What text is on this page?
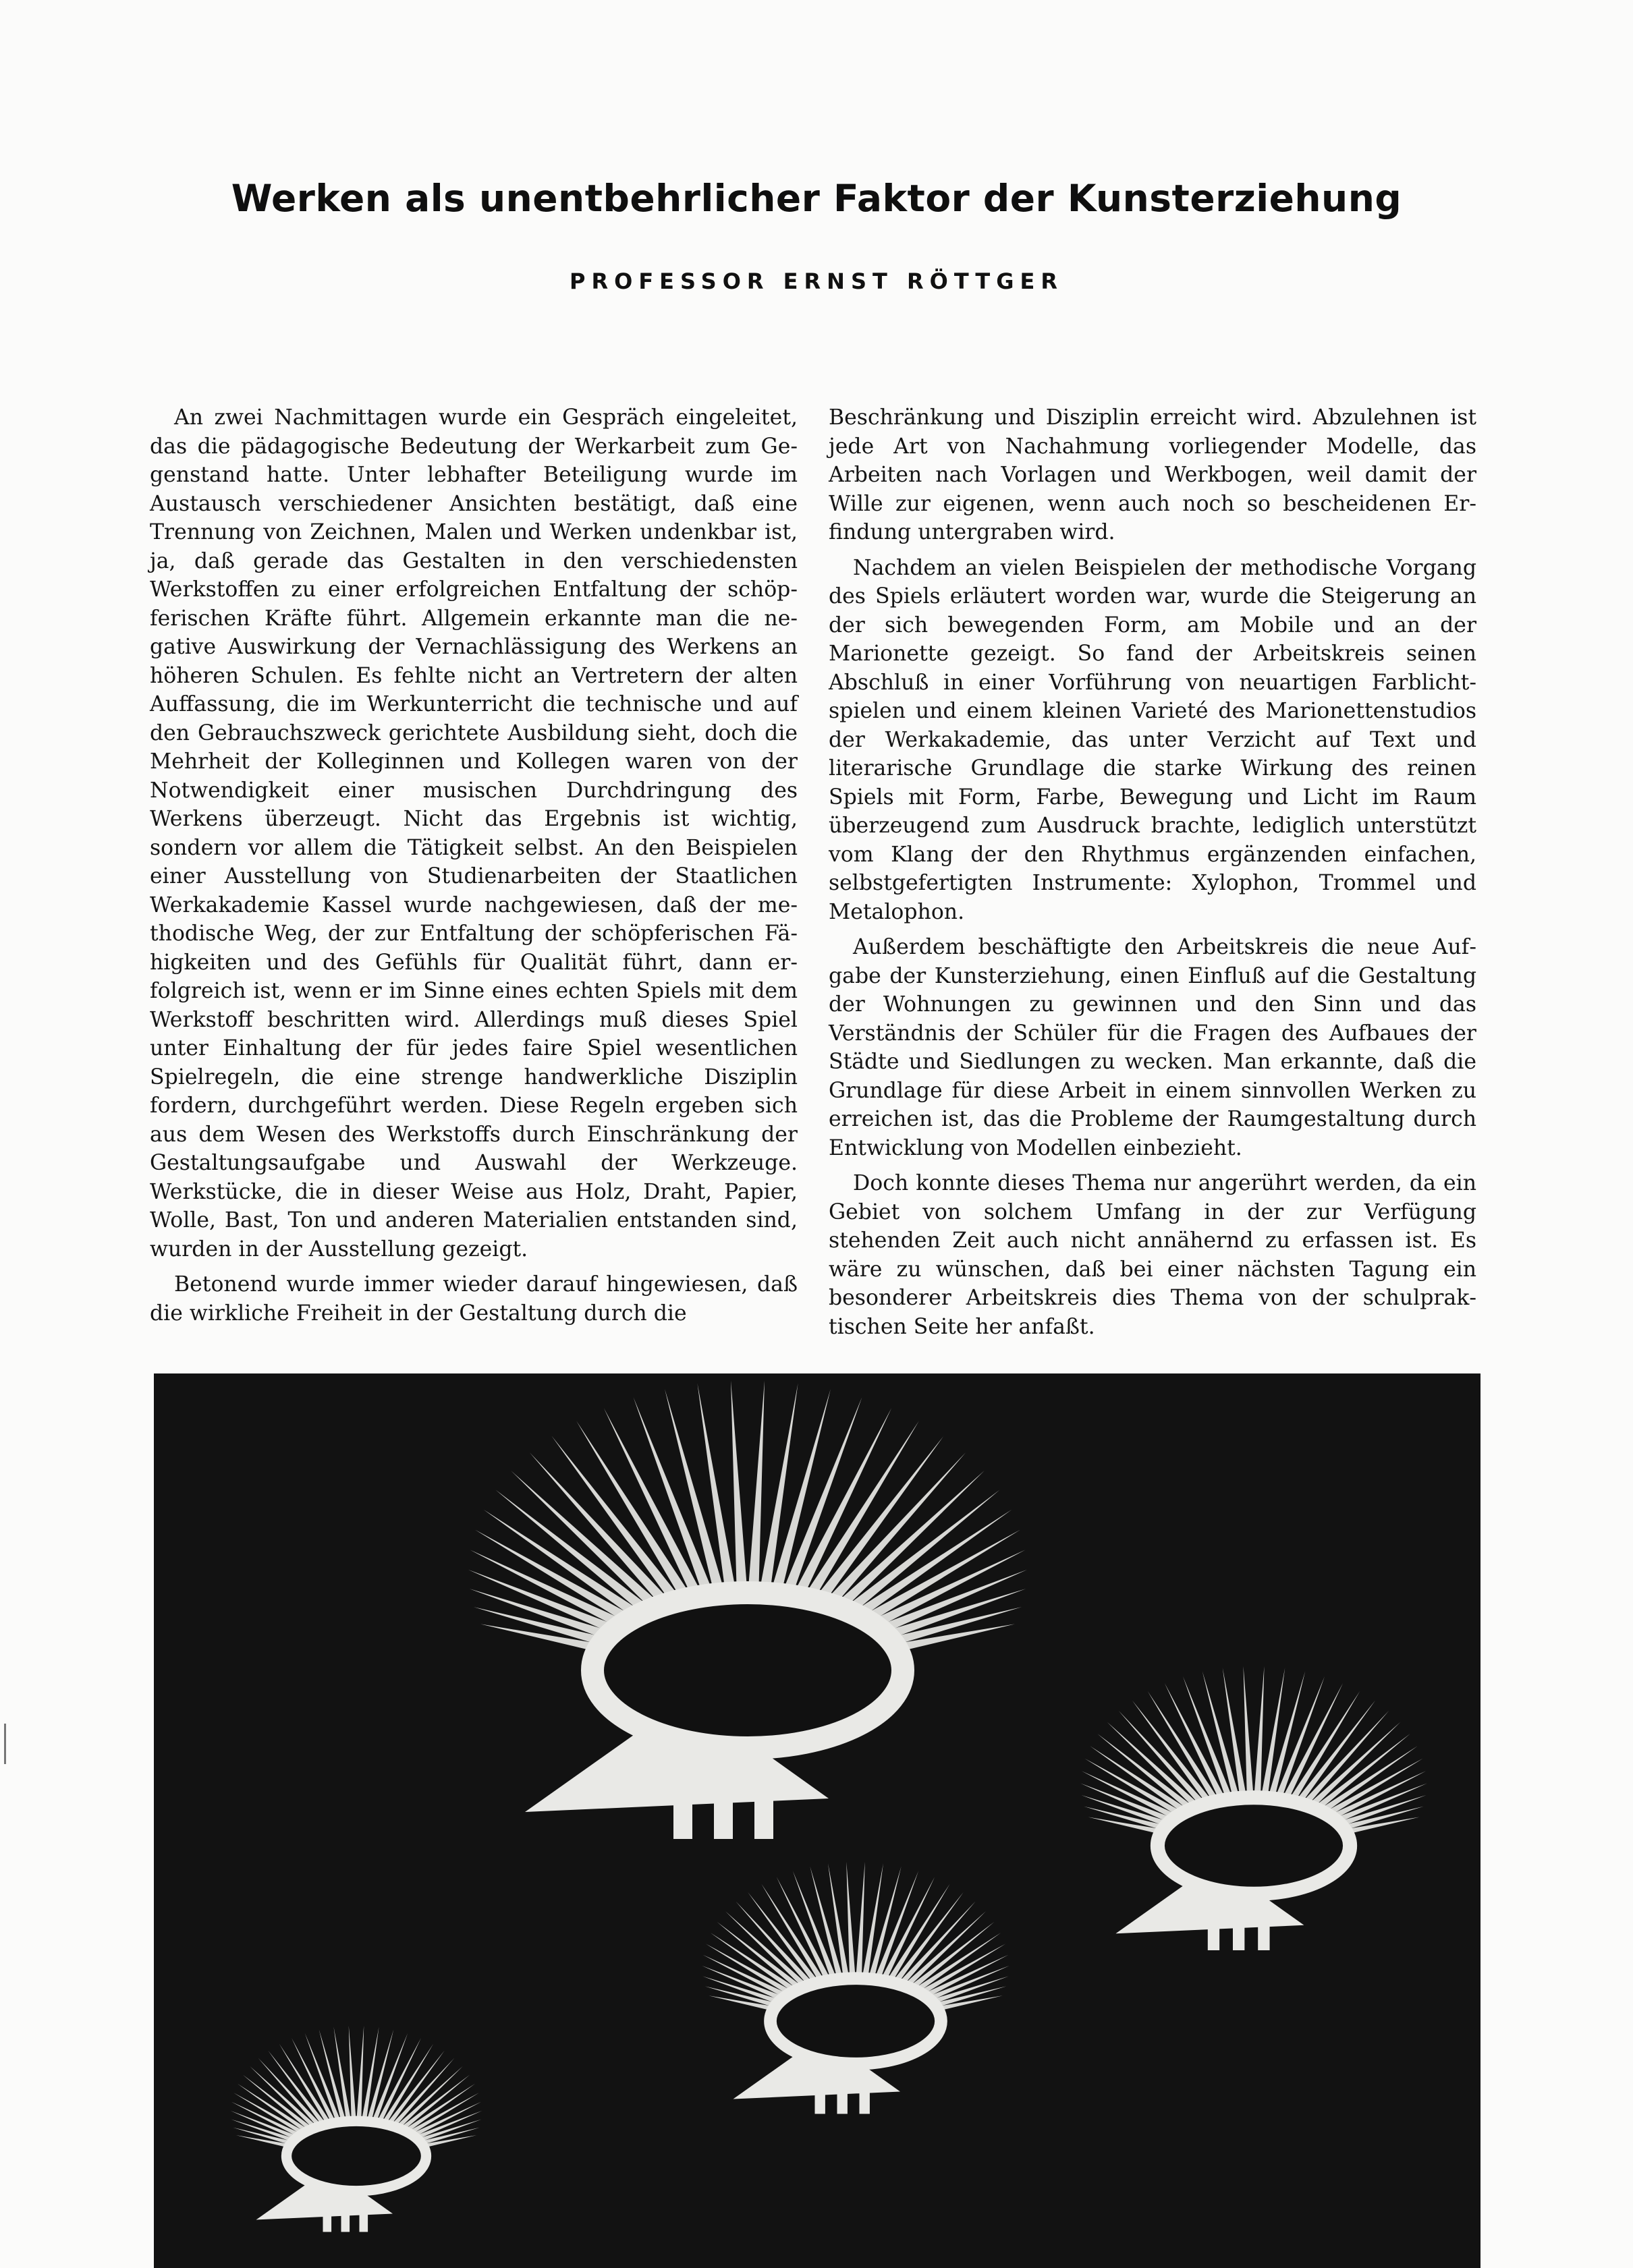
Werken als unentbehrlicher Faktor der Kunsterziehung
PROFESSOR ERNST RÖTTGER

An zwei Nachmittagen wurde ein Gespräch eingeleitet, das die pädagogische Bedeutung der Werkarbeit zum Gegenstand hatte. Unter lebhafter Beteiligung wurde im Austausch verschiedener Ansichten bestätigt, daß eine Trennung von Zeichnen, Malen und Werken undenkbar ist, ja, daß gerade das Gestalten in den verschiedensten Werkstoffen zu einer erfolgreichen Entfaltung der schöpferischen Kräfte führt. Allgemein erkannte man die negative Auswirkung der Vernachlässigung des Werkens an höheren Schulen. Es fehlte nicht an Vertretern der alten Auffassung, die im Werkunterricht die technische und auf den Gebrauchszweck gerichtete Ausbildung sieht, doch die Mehrheit der Kolleginnen und Kollegen waren von der Notwendigkeit einer musischen Durchdringung des Werkens überzeugt. Nicht das Ergebnis ist wichtig, sondern vor allem die Tätigkeit selbst. An den Beispielen einer Ausstellung von Studienarbeiten der Staatlichen Werkakademie Kassel wurde nachgewiesen, daß der methodische Weg, der zur Entfaltung der schöpferischen Fähigkeiten und des Gefühls für Qualität führt, dann erfolgreich ist, wenn er im Sinne eines echten Spiels mit dem Werkstoff beschritten wird. Allerdings muß dieses Spiel unter Einhaltung der für jedes faire Spiel wesentlichen Spielregeln, die eine strenge handwerkliche Disziplin fordern, durchgeführt werden. Diese Regeln ergeben sich aus dem Wesen des Werkstoffs durch Einschränkung der Gestaltungsaufgabe und Auswahl der Werkzeuge. Werkstücke, die in dieser Weise aus Holz, Draht, Papier, Wolle, Bast, Ton und anderen Materialien entstanden sind, wurden in der Ausstellung gezeigt.

Betonend wurde immer wieder darauf hingewiesen, daß die wirkliche Freiheit in der Gestaltung durch die

Beschränkung und Disziplin erreicht wird. Abzulehnen ist jede Art von Nachahmung vorliegender Modelle, das Arbeiten nach Vorlagen und Werkbogen, weil damit der Wille zur eigenen, wenn auch noch so bescheidenen Erfindung untergraben wird.

Nachdem an vielen Beispielen der methodische Vorgang des Spiels erläutert worden war, wurde die Steigerung an der sich bewegenden Form, am Mobile und an der Marionette gezeigt. So fand der Arbeitskreis seinen Abschluß in einer Vorführung von neuartigen Farblichtspielen und einem kleinen Varieté des Marionettenstudios der Werkakademie, das unter Verzicht auf Text und literarische Grundlage die starke Wirkung des reinen Spiels mit Form, Farbe, Bewegung und Licht im Raum überzeugend zum Ausdruck brachte, lediglich unterstützt vom Klang der den Rhythmus ergänzenden einfachen, selbstgefertigten Instrumente: Xylophon, Trommel und Metalophon.

Außerdem beschäftigte den Arbeitskreis die neue Aufgabe der Kunsterziehung, einen Einfluß auf die Gestaltung der Wohnungen zu gewinnen und den Sinn und das Verständnis der Schüler für die Fragen des Aufbaues der Städte und Siedlungen zu wecken. Man erkannte, daß die Grundlage für diese Arbeit in einem sinnvollen Werken zu erreichen ist, das die Probleme der Raumgestaltung durch Entwicklung von Modellen einbezieht.

Doch konnte dieses Thema nur angerührt werden, da ein Gebiet von solchem Umfang in der zur Verfügung stehenden Zeit auch nicht annähernd zu erfassen ist. Es wäre zu wünschen, daß bei einer nächsten Tagung ein besonderer Arbeitskreis dies Thema von der schulpraktischen Seite her anfaßt.
